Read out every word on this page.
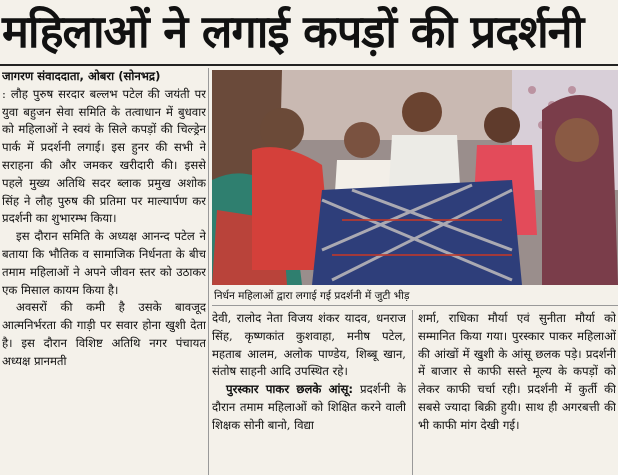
महिलाओं ने लगाई कपड़ों की प्रदर्शनी

जागरण संवाददाता, ओबरा (सोनभद्र)
: लौह पुरुष सरदार बल्लभ पटेल की जयंती पर युवा बहुजन सेवा समिति के तत्वाधान में बुधवार को महिलाओं ने स्वयं के सिले कपड़ों की चिल्ड्रेन पार्क में प्रदर्शनी लगाई। इस हुनर की सभी ने सराहना की और जमकर खरीदारी की। इससे पहले मुख्य अतिथि सदर ब्लाक प्रमुख अशोक सिंह ने लौह पुरुष की प्रतिमा पर माल्यार्पण कर प्रदर्शनी का शुभारम्भ किया।

इस दौरान समिति के अध्यक्ष आनन्द पटेल ने बताया कि भौतिक व सामाजिक निर्धनता के बीच तमाम महिलाओं ने अपने जीवन स्तर को उठाकर एक मिसाल कायम किया है।

अवसरों की कमी है उसके बावजूद आत्मनिर्भरता की गाड़ी पर सवार होना खुशी देता है। इस दौरान विशिष्ट अतिथि नगर पंचायत अध्यक्ष प्रानमती

निर्धन महिलाओं द्वारा लगाई गई प्रदर्शनी में जुटी भीड़

देवी, रालोद नेता विजय शंकर यादव, धनराज सिंह, कृष्णकांत कुशवाहा, मनीष पटेल, महताब आलम, अलोक पाण्डेय, शिब्बू खान, संतोष साहनी आदि उपस्थित रहे।

पुरस्कार पाकर छलके आंसू: प्रदर्शनी के दौरान तमाम महिलाओं को शिक्षित करने वाली शिक्षक सोनी बानो, विद्या

शर्मा, राधिका मौर्या एवं सुनीता मौर्या को सम्मानित किया गया। पुरस्कार पाकर महिलाओं की आंखों में खुशी के आंसू छलक पड़े। प्रदर्शनी में बाजार से काफी सस्ते मूल्य के कपड़ों को लेकर काफी चर्चा रही। प्रदर्शनी में कुर्ती की सबसे ज्यादा बिक्री हुयी। साथ ही अगरबत्ती की भी काफी मांग देखी गई।
